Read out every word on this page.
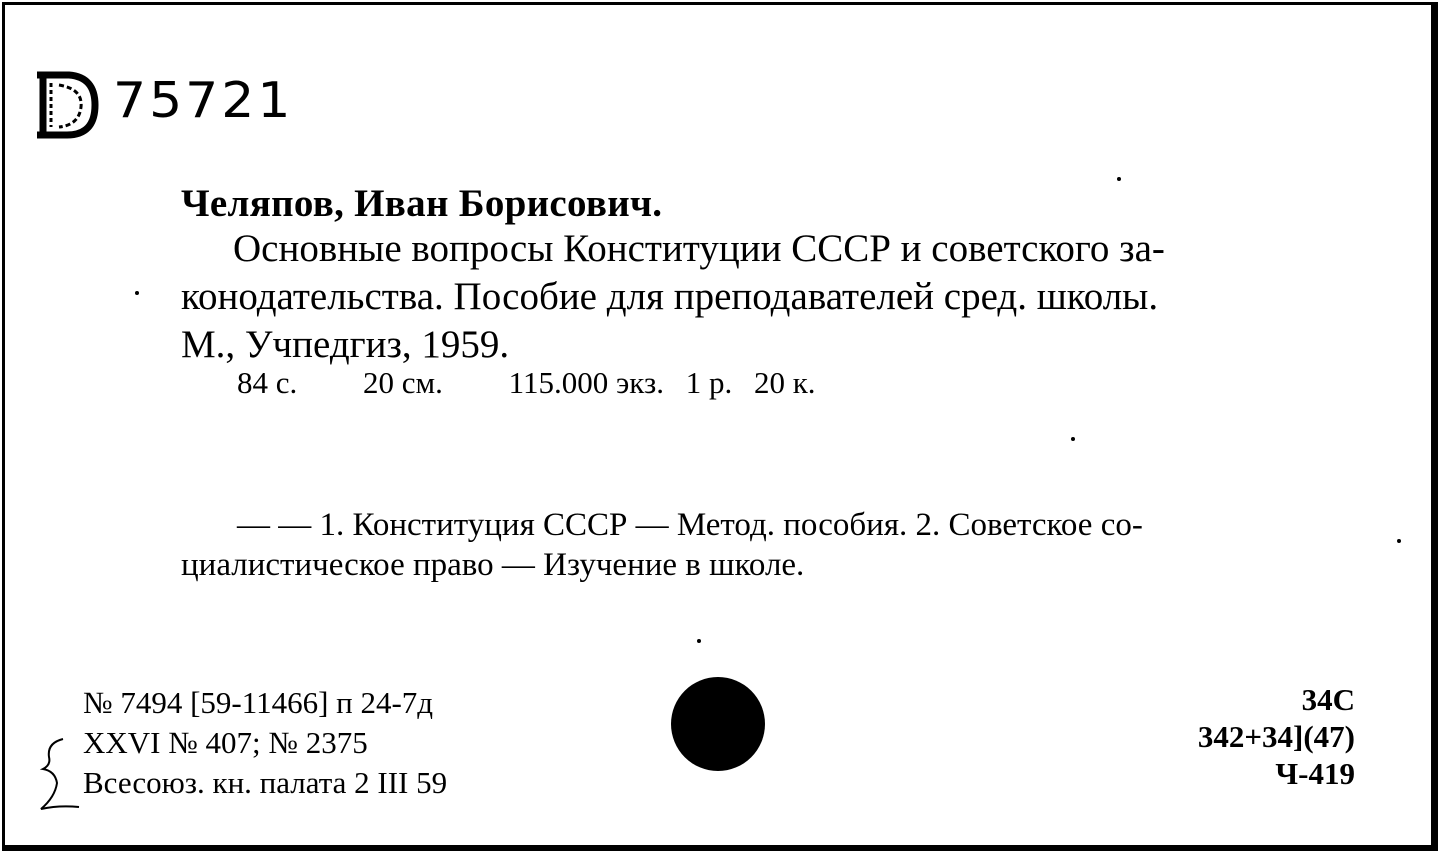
75721
Челяпов, Иван Борисович.
Основные вопросы Конституции СССР и советского за-
конодательства. Пособие для преподавателей сред. школы.
М., Учпедгиз, 1959.
84 с. 20 см. 115.000 экз. 1 р. 20 к.
— — 1. Конституция СССР — Метод. пособия. 2. Советское со-
циалистическое право — Изучение в школе.
№ 7494 [59-11466] п 24-7д
XXVI № 407; № 2375
Всесоюз. кн. палата 2 III 59
34С
342+34](47)
Ч-419
